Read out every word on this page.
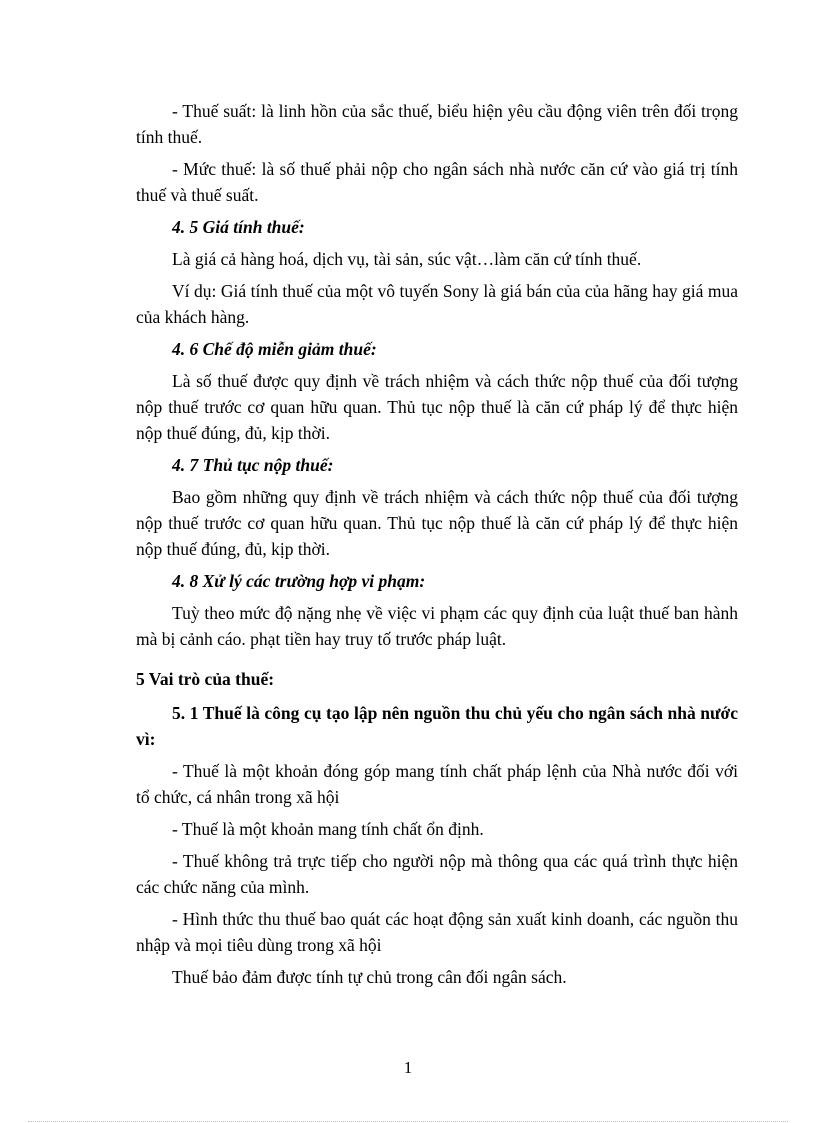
- Thuế suất: là linh hồn của sắc thuế, biểu hiện yêu cầu động viên trên đối trọng tính thuế.

- Mức thuế: là số thuế phải nộp cho ngân sách nhà nước căn cứ vào giá trị tính thuế và thuế suất.

4. 5 Giá tính thuế:

Là giá cả hàng hoá, dịch vụ, tài sản, súc vật…làm căn cứ tính thuế.

Ví dụ: Giá tính thuế của một vô tuyến Sony là giá bán của của hãng hay giá mua của khách hàng.

4. 6 Chế độ miễn giảm thuế:

Là số thuế được quy định về trách nhiệm và cách thức nộp thuế của đối tượng nộp thuế trước cơ quan hữu quan. Thủ tục nộp thuế là căn cứ pháp lý để thực hiện nộp thuế đúng, đủ, kịp thời.

4. 7 Thủ tục nộp thuế:

Bao gồm những quy định về trách nhiệm và cách thức nộp thuế của đối tượng nộp thuế trước cơ quan hữu quan. Thủ tục nộp thuế là căn cứ pháp lý để thực hiện nộp thuế đúng, đủ, kịp thời.

4. 8 Xử lý các trường hợp vi phạm:

Tuỳ theo mức độ nặng nhẹ về việc vi phạm các quy định của luật thuế ban hành mà bị cảnh cáo. phạt tiền hay truy tố trước pháp luật.

5 Vai trò của thuế:

5. 1 Thuế là công cụ tạo lập nên nguồn thu chủ yếu cho ngân sách nhà nước vì:

- Thuế là một khoản đóng góp mang tính chất pháp lệnh của Nhà nước đối với tổ chức, cá nhân trong xã hội

- Thuế là một khoản mang tính chất ổn định.

- Thuế không trả trực tiếp cho người nộp mà thông qua các quá trình thực hiện các chức năng của mình.

- Hình thức thu thuế bao quát các hoạt động sản xuất kinh doanh, các nguồn thu nhập và mọi tiêu dùng trong xã hội

Thuế bảo đảm được tính tự chủ trong cân đối ngân sách.

1
